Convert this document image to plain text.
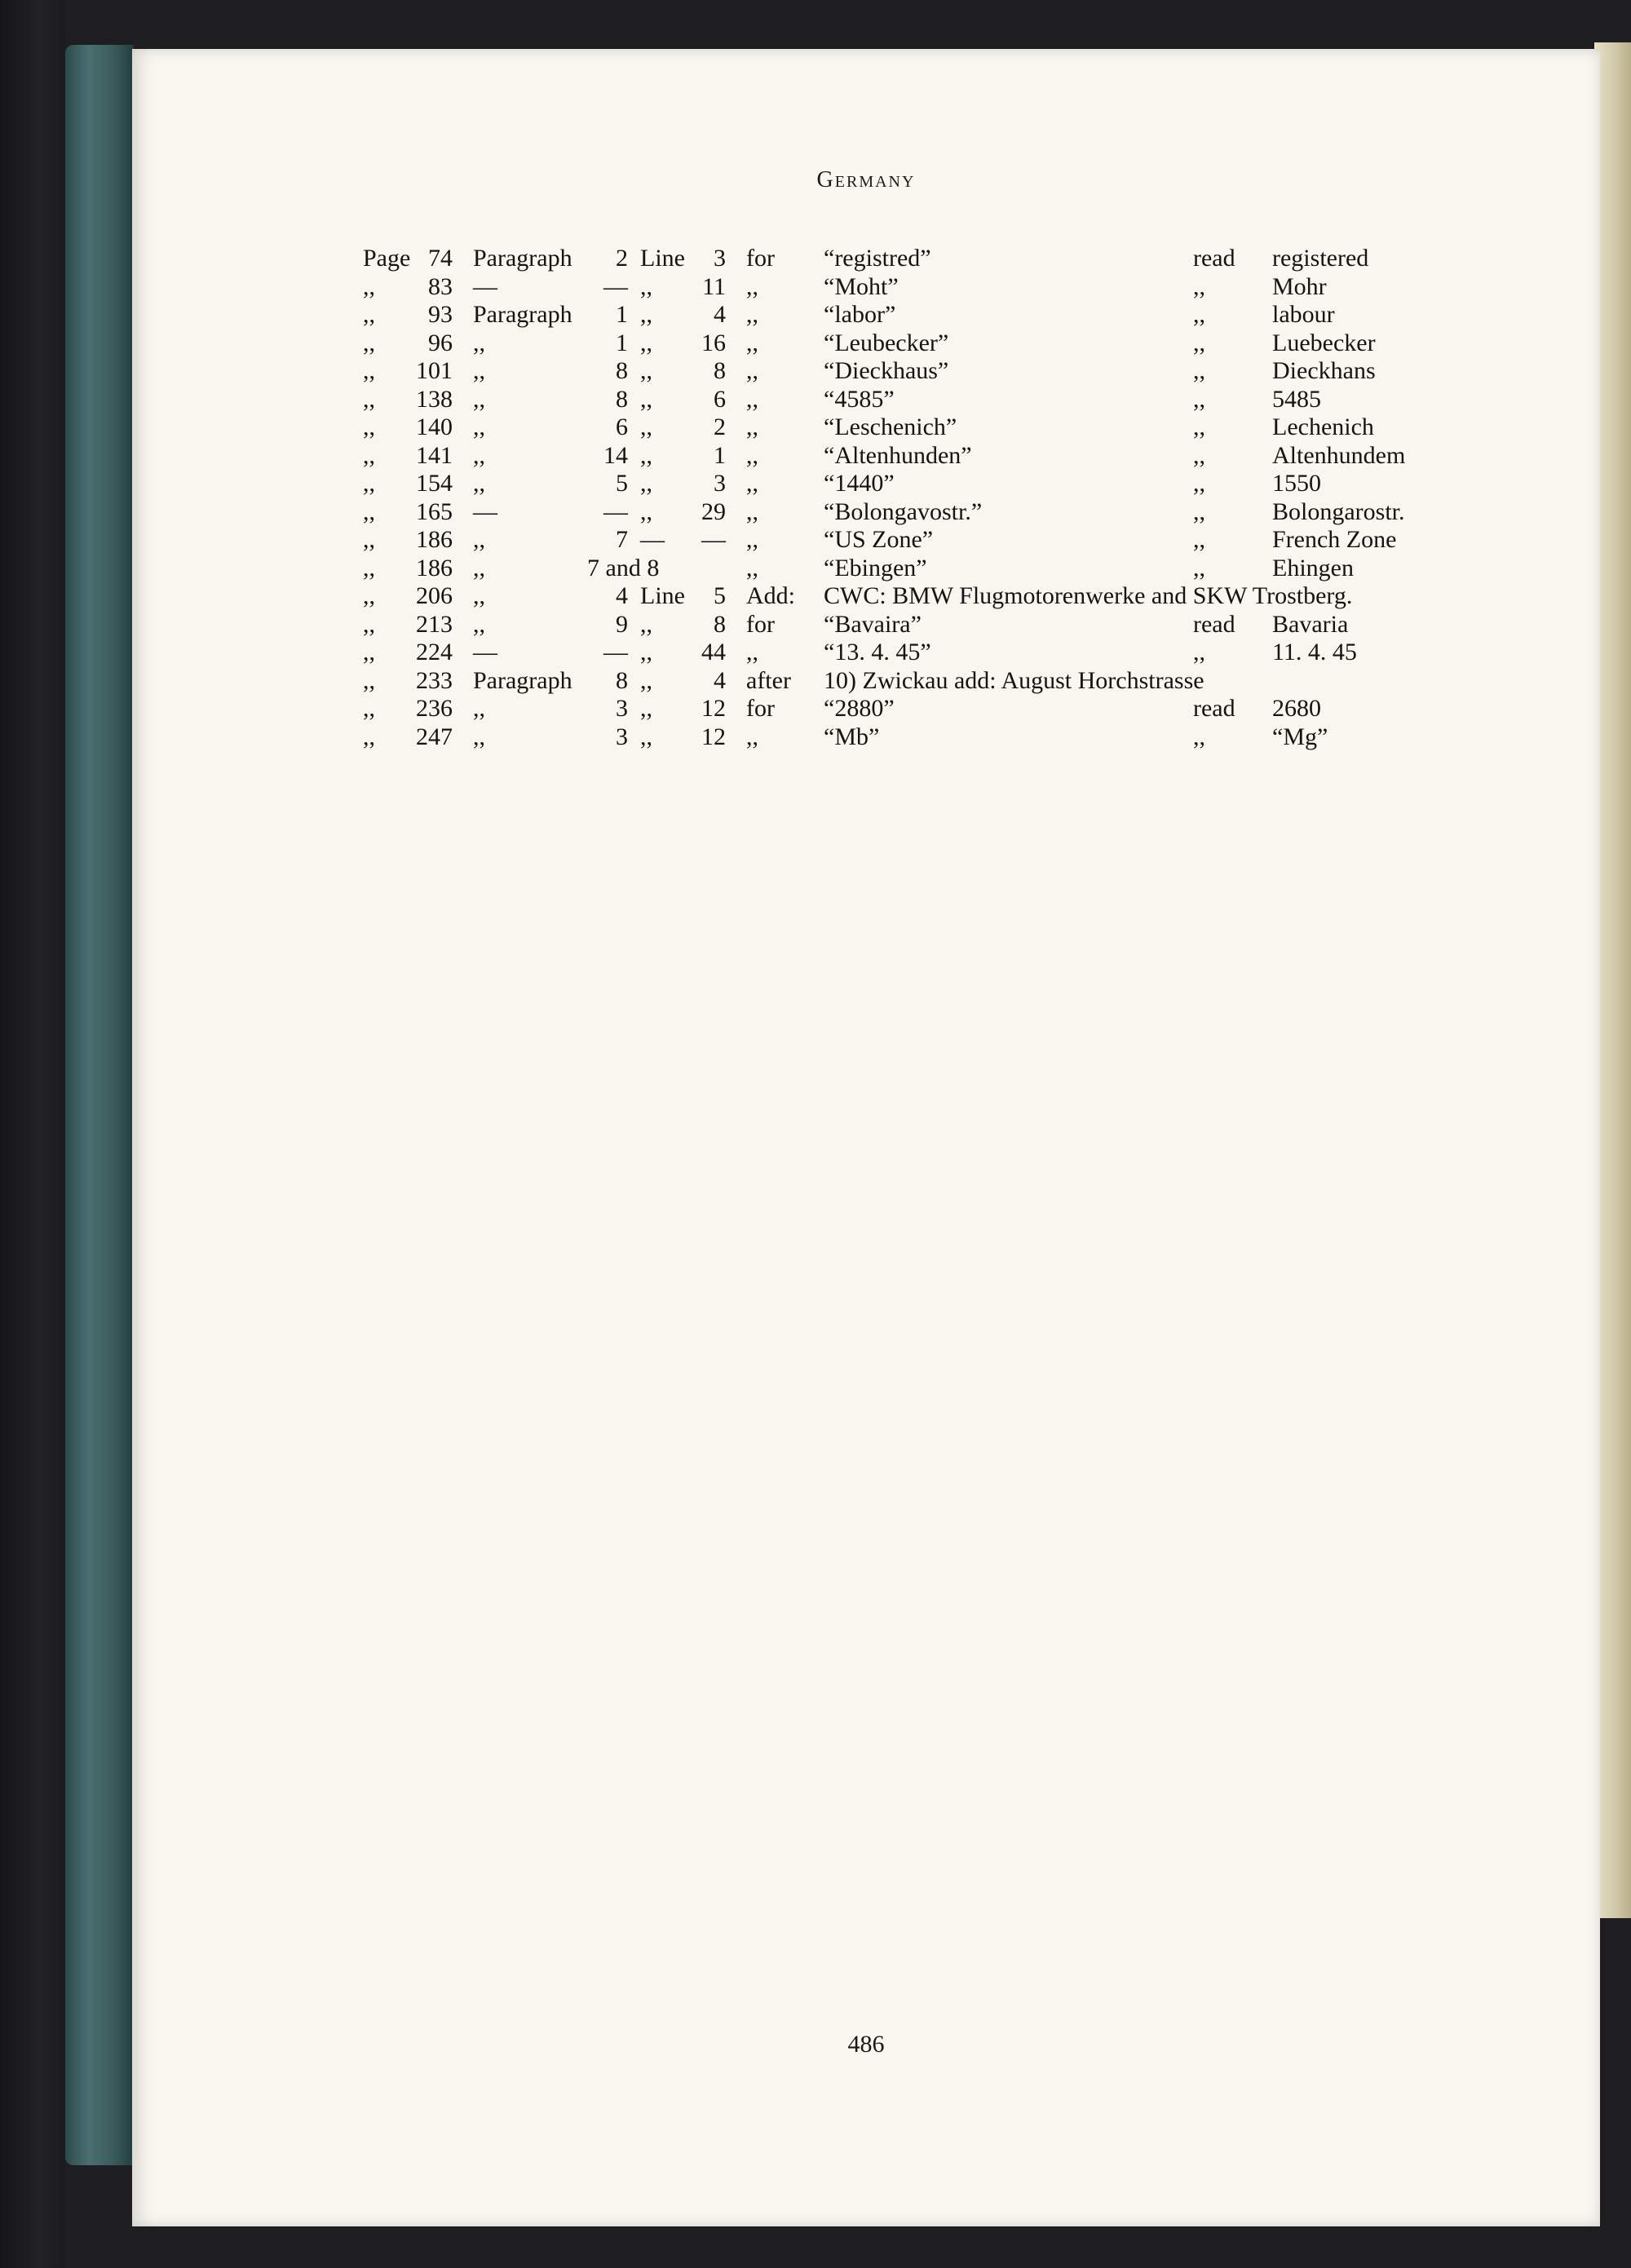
Germany
Page 74 Paragraph	2 Line	3 for “registred”	read registered
,,	83 —	— ,,	11 ,,	“Moht”	,,	Mohr
,,	93 Paragraph	1 ,,	4 ,,	“labor”	,,	labour
,,	96 ,,	1 ,,	16 ,,	“Leubecker”	,,	Luebecker
,,	101 ,,	8 ,,	8 ,,	“Dieckhaus”	,,	Dieckhans
,,	138 ,,	8 ,,	6 ,,	“4585”	,,	5485
,,	140 ,,	6 ,,	2 ,,	“Leschenich”	,,	Lechenich
,,	141 ,,	14 ,,	1 ,,	“Altenhunden”	,,	Altenhundem
,,	154 ,,	5 ,,	3 ,,	“1440”	,,	1550
,,	165 —	— ,,	29 ,,	“Bolongavostr.”	,,	Bolongarostr.
,,	186 ,,	7 —	— ,,	“US Zone”	,,	French Zone
,,	186 ,,	7 and 8	,,	“Ebingen”	,,	Ehingen
,,	206 ,,	4 Line	5 Add: CWC: BMW Flugmotorenwerke and SKW Trostberg.
,,	213 ,,	9 ,,	8 for “Bavaira”	read Bavaria
,,	224 —	— ,,	44 ,,	“13. 4. 45”	,,	11. 4. 45
,,	233 Paragraph	8 ,,	4 after 10) Zwickau add: August Horchstrasse
,,	236 ,,	3 ,,	12 for “2880”	read 2680
,,	247 ,,	3 ,,	12 ,,	“Mb”	,,	“Mg”
486
